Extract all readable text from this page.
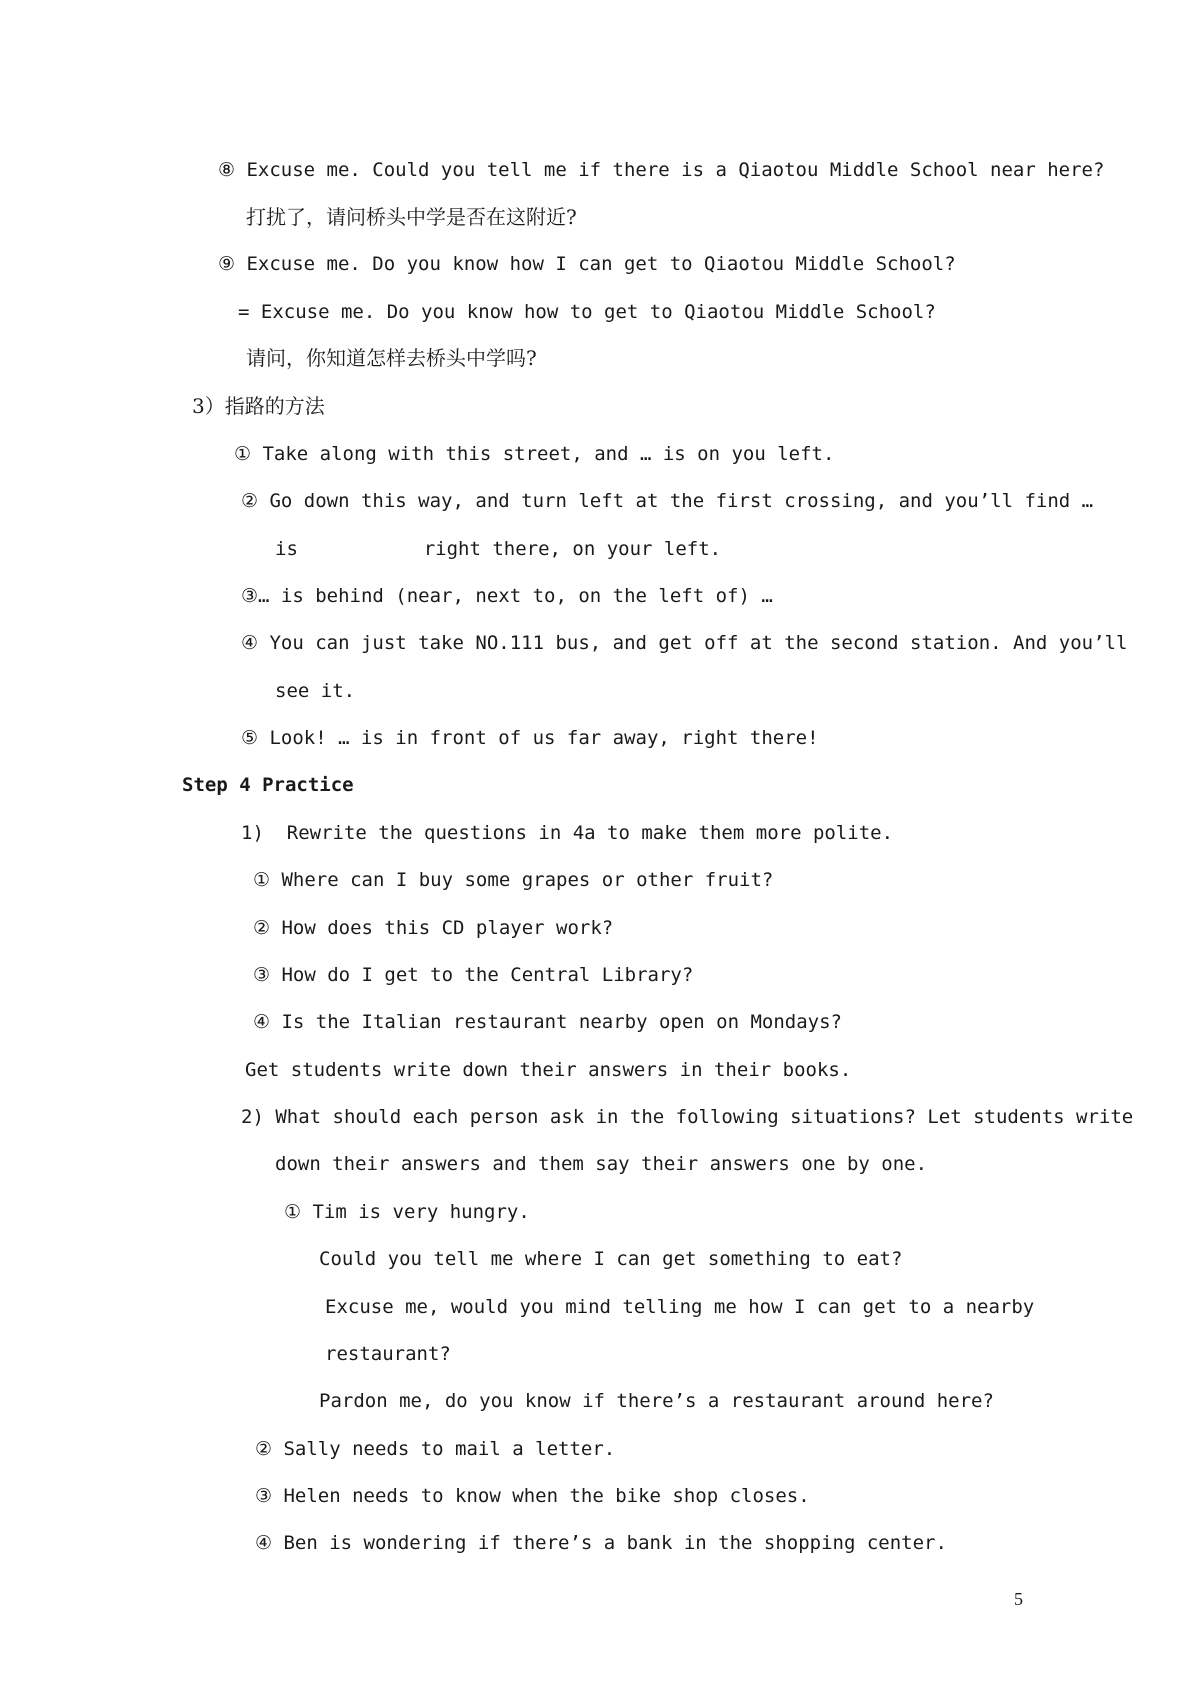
⑧ Excuse me. Could you tell me if there is a Qiaotou Middle School near here?
打扰了，请问桥头中学是否在这附近?
⑨ Excuse me. Do you know how I can get to Qiaotou Middle School?
= Excuse me. Do you know how to get to Qiaotou Middle School?
请问，你知道怎样去桥头中学吗?
3）指路的方法
① Take along with this street, and … is on you left.
② Go down this way, and turn left at the first crossing, and you’ll find …
is           right there, on your left.
③… is behind (near, next to, on the left of) …
④ You can just take NO.111 bus, and get off at the second station. And you’ll
see it.
⑤ Look! … is in front of us far away, right there!
Step 4 Practice
1)  Rewrite the questions in 4a to make them more polite.
① Where can I buy some grapes or other fruit?
② How does this CD player work?
③ How do I get to the Central Library?
④ Is the Italian restaurant nearby open on Mondays?
Get students write down their answers in their books.
2) What should each person ask in the following situations? Let students write
down their answers and them say their answers one by one.
① Tim is very hungry.
Could you tell me where I can get something to eat?
Excuse me, would you mind telling me how I can get to a nearby
restaurant?
Pardon me, do you know if there’s a restaurant around here?
② Sally needs to mail a letter.
③ Helen needs to know when the bike shop closes.
④ Ben is wondering if there’s a bank in the shopping center.
5
